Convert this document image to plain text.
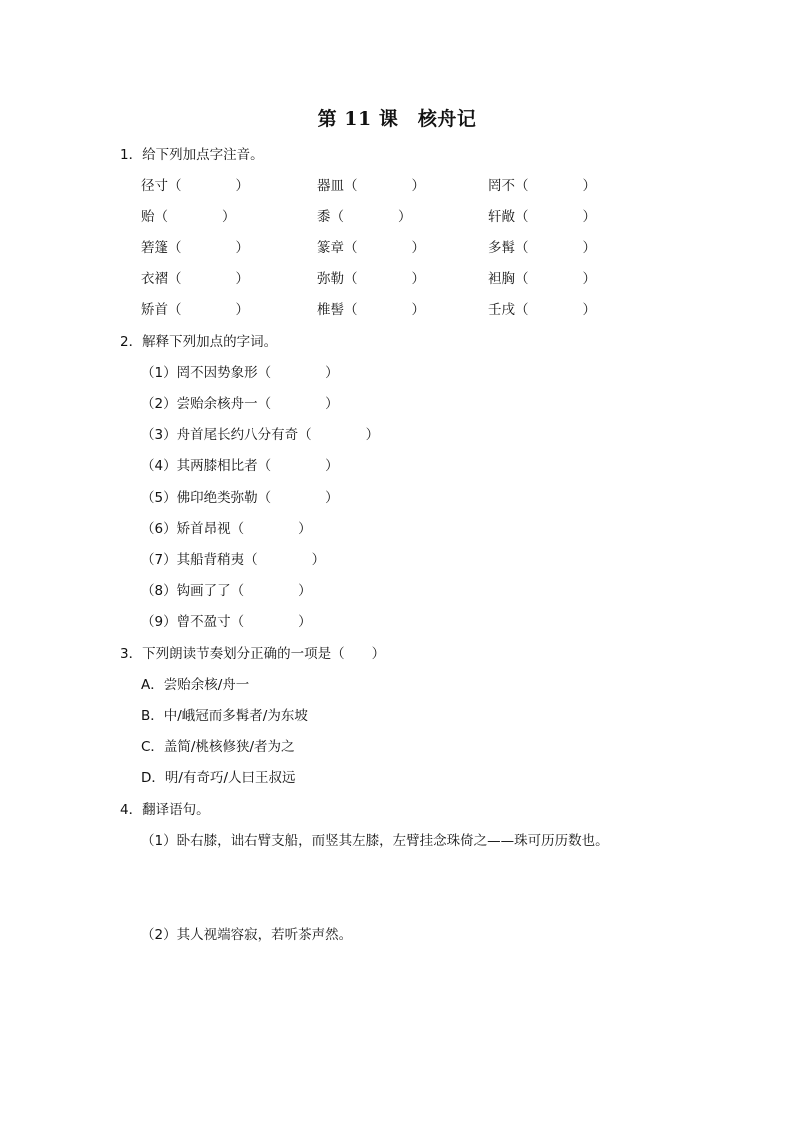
第 11 课　核舟记
1．给下列加点字注音。
径寸（　　　　）	器皿（　　　　）	罔不（　　　　）
贻（　　　　）	黍（　　　　）	轩敞（　　　　）
箬篷（　　　　）	篆章（　　　　）	多髯（　　　　）
衣褶（　　　　）	弥勒（　　　　）	袒胸（　　　　）
矫首（　　　　）	椎髻（　　　　）	壬戌（　　　　）
2．解释下列加点的字词。
（1）罔不因势象形（　　　　）
（2）尝贻余核舟一（　　　　）
（3）舟首尾长约八分有奇（　　　　）
（4）其两膝相比者（　　　　）
（5）佛印绝类弥勒（　　　　）
（6）矫首昂视（　　　　）
（7）其船背稍夷（　　　　）
（8）钩画了了（　　　　）
（9）曾不盈寸（　　　　）
3．下列朗读节奏划分正确的一项是（　　）
A．尝贻余核/舟一
B．中/峨冠而多髯者/为东坡
C．盖简/桃核修狭/者为之
D．明/有奇巧/人曰王叔远
4．翻译语句。
（1）卧右膝，诎右臂支船，而竖其左膝，左臂挂念珠倚之——珠可历历数也。
（2）其人视端容寂，若听茶声然。
